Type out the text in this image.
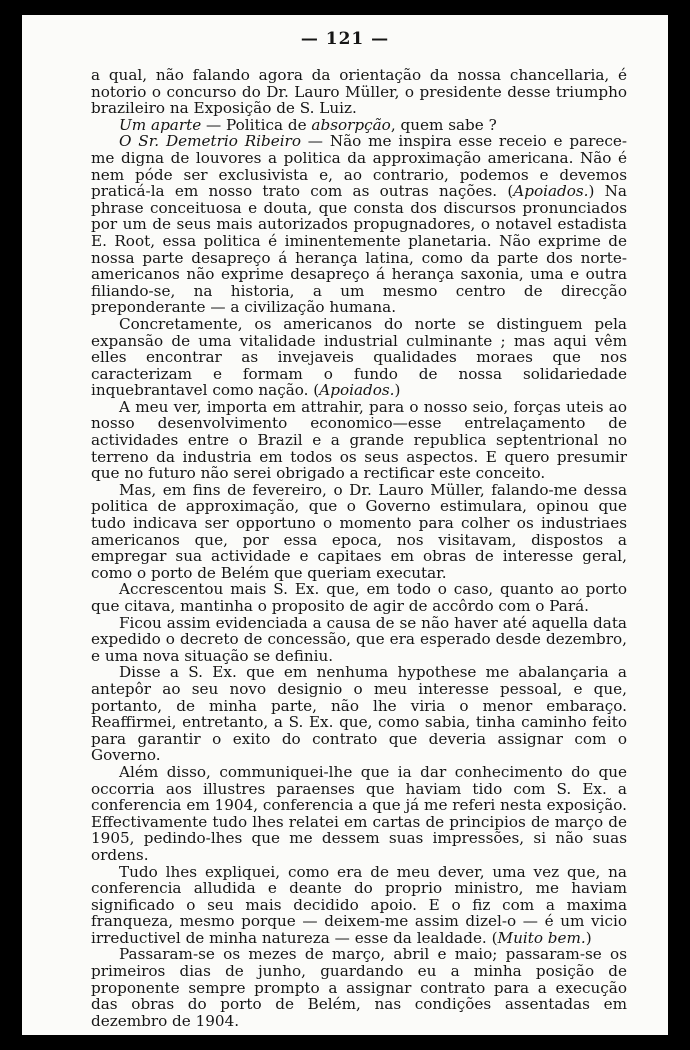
— 121 —

a qual, não falando agora da orientação da nossa chancellaria, é notorio o concurso do Dr. Lauro Müller, o presidente desse triumpho brazileiro na Exposição de S. Luiz.

Um aparte — Politica de absorpção, quem sabe ?

O Sr. Demetrio Ribeiro — Não me inspira esse receio e parece-me digna de louvores a politica da approximação americana. Não é nem póde ser exclusivista e, ao contrario, podemos e devemos praticá-la em nosso trato com as outras nações. (Apoiados.) Na phrase conceituosa e douta, que consta dos discursos pronunciados por um de seus mais autorizados propugnadores, o notavel estadista E. Root, essa politica é iminentemente planetaria. Não exprime de nossa parte desapreço á herança latina, como da parte dos norte-americanos não exprime desapreço á herança saxonia, uma e outra filiando-se, na historia, a um mesmo centro de direcção preponderante — a civilização humana.

Concretamente, os americanos do norte se distinguem pela expansão de uma vitalidade industrial culminante ; mas aqui vêm elles encontrar as invejaveis qualidades moraes que nos caracterizam e formam o fundo de nossa solidariedade inquebrantavel como nação. (Apoiados.)

A meu ver, importa em attrahir, para o nosso seio, forças uteis ao nosso desenvolvimento economico—esse entrelaçamento de actividades entre o Brazil e a grande republica septentrional no terreno da industria em todos os seus aspectos. E quero presumir que no futuro não serei obrigado a rectificar este conceito.

Mas, em fins de fevereiro, o Dr. Lauro Müller, falando-me dessa politica de approximação, que o Governo estimulara, opinou que tudo indicava ser opportuno o momento para colher os industriaes americanos que, por essa epoca, nos visitavam, dispostos a empregar sua actividade e capitaes em obras de interesse geral, como o porto de Belém que queriam executar.

Accrescentou mais S. Ex. que, em todo o caso, quanto ao porto que citava, mantinha o proposito de agir de accôrdo com o Pará.

Ficou assim evidenciada a causa de se não haver até aquella data expedido o decreto de concessão, que era esperado desde dezembro, e uma nova situação se definiu.

Disse a S. Ex. que em nenhuma hypothese me abalançaria a antepôr ao seu novo designio o meu interesse pessoal, e que, portanto, de minha parte, não lhe viria o menor embaraço. Reaffirmei, entretanto, a S. Ex. que, como sabia, tinha caminho feito para garantir o exito do contrato que deveria assignar com o Governo.

Além disso, communiquei-lhe que ia dar conhecimento do que occorria aos illustres paraenses que haviam tido com S. Ex. a conferencia em 1904, conferencia a que já me referi nesta exposição. Effectivamente tudo lhes relatei em cartas de principios de março de 1905, pedindo-lhes que me dessem suas impressões, si não suas ordens.

Tudo lhes expliquei, como era de meu dever, uma vez que, na conferencia alludida e deante do proprio ministro, me haviam significado o seu mais decidido apoio. E o fiz com a maxima franqueza, mesmo porque — deixem-me assim dizel-o — é um vicio irreductivel de minha natureza — esse da lealdade. (Muito bem.)

Passaram-se os mezes de março, abril e maio; passaram-se os primeiros dias de junho, guardando eu a minha posição de proponente sempre prompto a assignar contrato para a execução das obras do porto de Belém, nas condições assentadas em dezembro de 1904.
